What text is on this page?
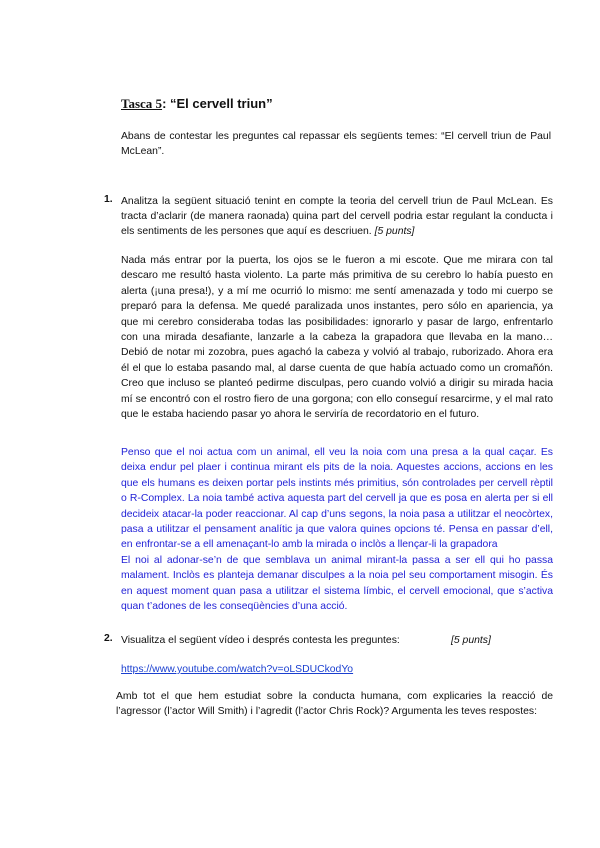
Tasca 5: “El cervell triun”
Abans de contestar les preguntes cal repassar els següents temes: “El cervell triun de Paul McLean”.
1. Analitza la següent situació tenint en compte la teoria del cervell triun de Paul McLean. Es tracta d’aclarir (de manera raonada) quina part del cervell podria estar regulant la conducta i els sentiments de les persones que aquí es descriuen. [5 punts]
Nada más entrar por la puerta, los ojos se le fueron a mi escote. Que me mirara con tal descaro me resultó hasta violento. La parte más primitiva de su cerebro lo había puesto en alerta (¡una presa!), y a mí me ocurrió lo mismo: me sentí amenazada y todo mi cuerpo se preparó para la defensa. Me quedé paralizada unos instantes, pero sólo en apariencia, ya que mi cerebro consideraba todas las posibilidades: ignorarlo y pasar de largo, enfrentarlo con una mirada desafiante, lanzarle a la cabeza la grapadora que llevaba en la mano… Debió de notar mi zozobra, pues agachó la cabeza y volvió al trabajo, ruborizado. Ahora era él el que lo estaba pasando mal, al darse cuenta de que había actuado como un cromañón. Creo que incluso se planteó pedirme disculpas, pero cuando volvió a dirigir su mirada hacia mí se encontró con el rostro fiero de una gorgona; con ello conseguí resarcirme, y el mal rato que le estaba haciendo pasar yo ahora le serviría de recordatorio en el futuro.

Penso que el noi actua com un animal, ell veu la noia com una presa a la qual caçar. Es deixa endur pel plaer i continua mirant els pits de la noia. Aquestes accions, accions en les que els humans es deixen portar pels instints més primitius, són controlades per cervell rèptil o R-Complex. La noia també activa aquesta part del cervell ja que es posa en alerta per si ell decideix atacar-la poder reaccionar. Al cap d’uns segons, la noia pasa a utilitzar el neocòrtex, pasa a utilitzar el pensament analític ja que valora quines opcions té. Pensa en passar d’ell, en enfrontar-se a ell amenaçant-lo amb la mirada o inclòs a llençar-li la grapadora

El noi al adonar-se’n de que semblava un animal mirant-la passa a ser ell qui ho passa malament. Inclòs es planteja demanar disculpes a la noia pel seu comportament misogin. És en aquest moment quan pasa a utilitzar el sistema límbic, el cervell emocional, que s’activa quan t’adones de les conseqüències d’una acció.

2. Visualitza el següent vídeo i després contesta les preguntes:	[5 punts]
https://www.youtube.com/watch?v=oLSDUCkodYo
Amb tot el que hem estudiat sobre la conducta humana, com explicaries la reacció de l’agressor (l’actor Will Smith) i l’agredit (l’actor Chris Rock)? Argumenta les teves respostes:
